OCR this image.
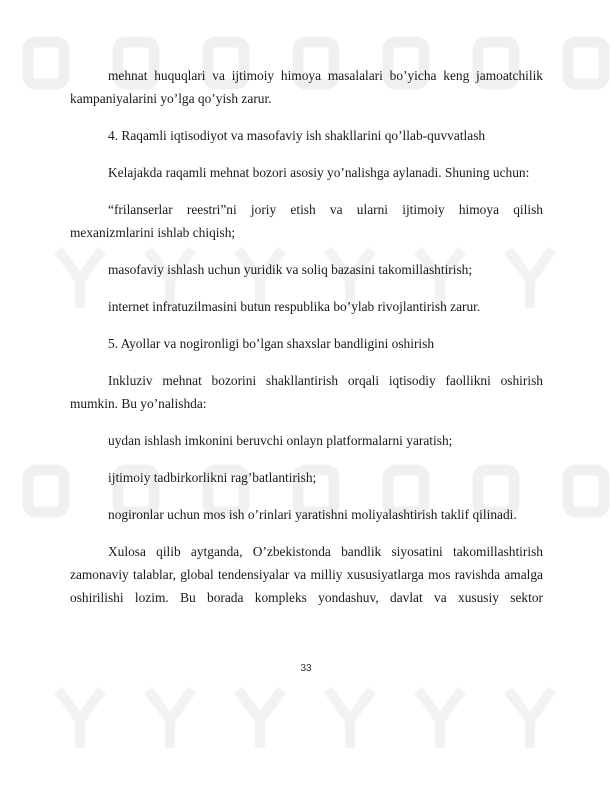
mehnat huquqlari va ijtimoiy himoya masalalari bo’yicha keng jamoatchilik kampaniyalarini yo’lga qo’yish zarur.

4. Raqamli iqtisodiyot va masofaviy ish shakllarini qo’llab-quvvatlash

Kelajakda raqamli mehnat bozori asosiy yo’nalishga aylanadi. Shuning uchun:

“frilanserlar reestri”ni joriy etish va ularni ijtimoiy himoya qilish mexanizmlarini ishlab chiqish;

masofaviy ishlash uchun yuridik va soliq bazasini takomillashtirish;

internet infratuzilmasini butun respublika bo’ylab rivojlantirish zarur.

5. Ayollar va nogironligi bo’lgan shaxslar bandligini oshirish

Inkluziv mehnat bozorini shakllantirish orqali iqtisodiy faollikni oshirish mumkin. Bu yo’nalishda:

uydan ishlash imkonini beruvchi onlayn platformalarni yaratish;

ijtimoiy tadbirkorlikni rag’batlantirish;

nogironlar uchun mos ish o’rinlari yaratishni moliyalashtirish taklif qilinadi.

Xulosa qilib aytganda, O’zbekistonda bandlik siyosatini takomillashtirish zamonaviy talablar, global tendensiyalar va milliy xususiyatlarga mos ravishda amalga oshirilishi lozim. Bu borada kompleks yondashuv, davlat va xususiy sektor

33
